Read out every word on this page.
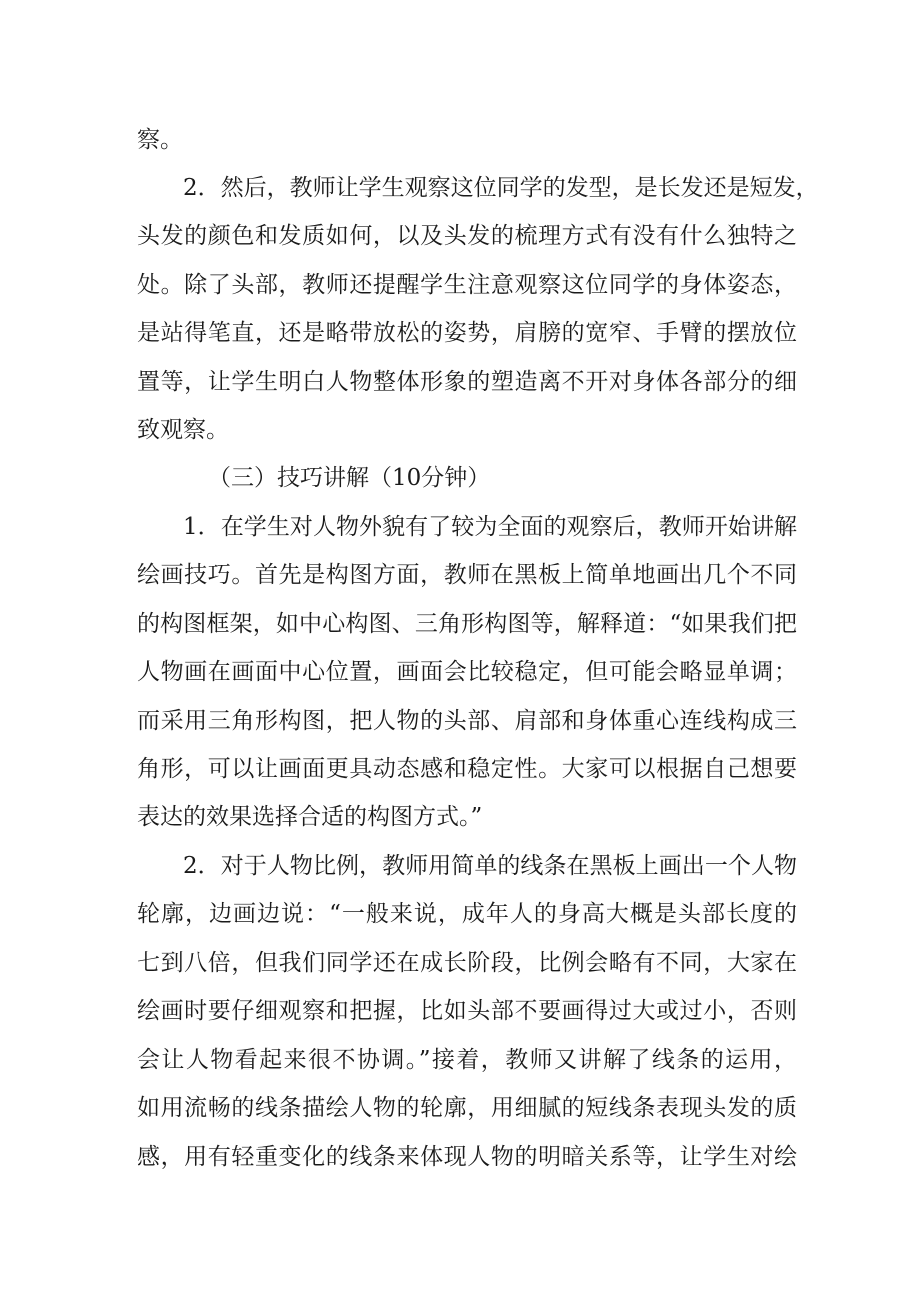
察。
2．然后，教师让学生观察这位同学的发型，是长发还是短发，
头发的颜色和发质如何，以及头发的梳理方式有没有什么独特之
处。除了头部，教师还提醒学生注意观察这位同学的身体姿态，
是站得笔直，还是略带放松的姿势，肩膀的宽窄、手臂的摆放位
置等，让学生明白人物整体形象的塑造离不开对身体各部分的细
致观察。
（三）技巧讲解（10分钟）
1．在学生对人物外貌有了较为全面的观察后，教师开始讲解
绘画技巧。首先是构图方面，教师在黑板上简单地画出几个不同
的构图框架，如中心构图、三角形构图等，解释道：“如果我们把
人物画在画面中心位置，画面会比较稳定，但可能会略显单调；
而采用三角形构图，把人物的头部、肩部和身体重心连线构成三
角形，可以让画面更具动态感和稳定性。大家可以根据自己想要
表达的效果选择合适的构图方式。”
2．对于人物比例，教师用简单的线条在黑板上画出一个人物
轮廓，边画边说：“一般来说，成年人的身高大概是头部长度的
七到八倍，但我们同学还在成长阶段，比例会略有不同，大家在
绘画时要仔细观察和把握，比如头部不要画得过大或过小，否则
会让人物看起来很不协调。”接着，教师又讲解了线条的运用，
如用流畅的线条描绘人物的轮廓，用细腻的短线条表现头发的质
感，用有轻重变化的线条来体现人物的明暗关系等，让学生对绘
